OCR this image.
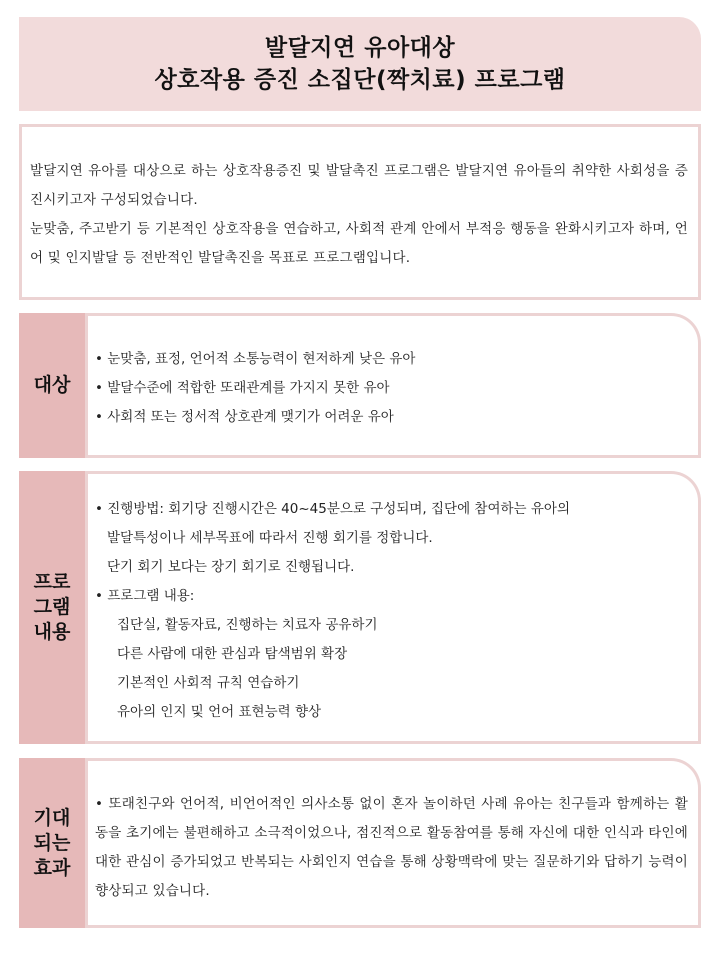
발달지연 유아대상
상호작용 증진 소집단(짝치료) 프로그램

발달지연 유아를 대상으로 하는 상호작용증진 및 발달촉진 프로그램은 발달지연 유아들의 취약한 사회성을 증진시키고자 구성되었습니다.

눈맞춤, 주고받기 등 기본적인 상호작용을 연습하고, 사회적 관계 안에서 부적응 행동을 완화시키고자 하며, 언어 및 인지발달 등 전반적인 발달촉진을 목표로 프로그램입니다.

대상

• 눈맞춤, 표정, 언어적 소통능력이 현저하게 낮은 유아

• 발달수준에 적합한 또래관계를 가지지 못한 유아

• 사회적 또는 정서적 상호관계 맺기가 어려운 유아

프로
그램
내용

• 진행방법: 회기당 진행시간은 40~45분으로 구성되며, 집단에 참여하는 유아의

발달특성이나 세부목표에 따라서 진행 회기를 정합니다.

단기 회기 보다는 장기 회기로 진행됩니다.

• 프로그램 내용:

집단실, 활동자료, 진행하는 치료자 공유하기

다른 사람에 대한 관심과 탐색범위 확장

기본적인 사회적 규칙 연습하기

유아의 인지 및 언어 표현능력 향상

기대
되는
효과

• 또래친구와 언어적, 비언어적인 의사소통 없이 혼자 놀이하던 사례 유아는 친구들과 함께하는 활동을 초기에는 불편해하고 소극적이었으나, 점진적으로 활동참여를 통해 자신에 대한 인식과 타인에 대한 관심이 증가되었고 반복되는 사회인지 연습을 통해 상황맥락에 맞는 질문하기와 답하기 능력이 향상되고 있습니다.
